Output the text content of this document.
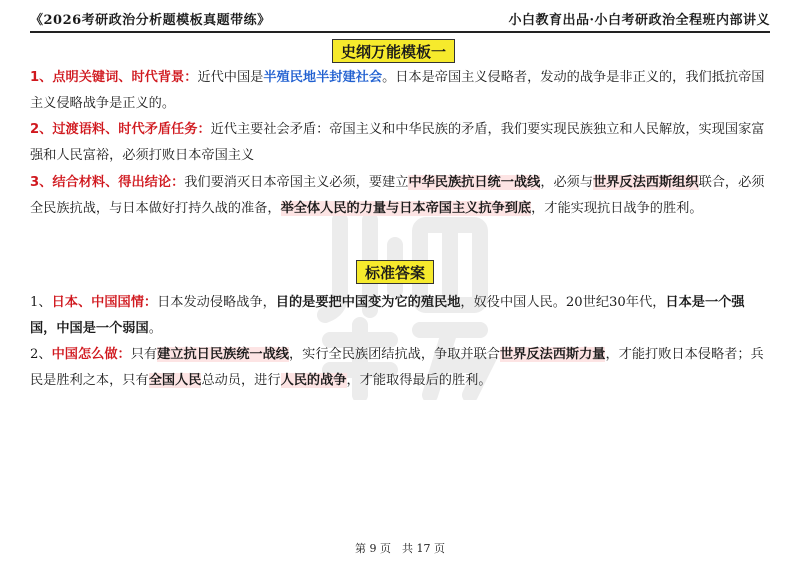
《2026考研政治分析题模板真题带练》	小白教育出品·小白考研政治全程班内部讲义
史纲万能模板一

1、点明关键词、时代背景：近代中国是半殖民地半封建社会。日本是帝国主义侵略者，发动的战争是非正义的，我们抵抗帝国主义侵略战争是正义的。

2、过渡语料、时代矛盾任务：近代主要社会矛盾：帝国主义和中华民族的矛盾，我们要实现民族独立和人民解放，实现国家富强和人民富裕，必须打败日本帝国主义

3、结合材料、得出结论：我们要消灭日本帝国主义必须，要建立中华民族抗日统一战线，必须与世界反法西斯组织联合，必须全民族抗战，与日本做好打持久战的准备，举全体人民的力量与日本帝国主义抗争到底，才能实现抗日战争的胜利。

标准答案

1、日本、中国国情：日本发动侵略战争，目的是要把中国变为它的殖民地，奴役中国人民。20世纪30年代，日本是一个强国，中国是一个弱国。

2、中国怎么做：只有建立抗日民族统一战线，实行全民族团结抗战，争取并联合世界反法西斯力量，才能打败日本侵略者；兵民是胜利之本，只有全国人民总动员，进行人民的战争，才能取得最后的胜利。

第 9 页　共 17 页
